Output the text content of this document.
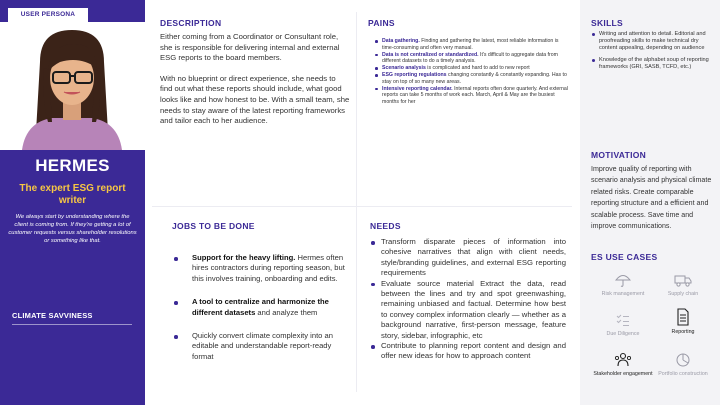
USER PERSONA
HERMES
The expert ESG report writer
We always start by understanding where the client is coming from. If they're getting a lot of customer requests versus shareholder resolutions or something like that.
CLIMATE SAVVINESS
DESCRIPTION

Either coming from a Coordinator or Consultant role, she is responsible for delivering internal and external ESG reports to the board members.

With no blueprint or direct experience, she needs to find out what these reports should include, what good looks like and how honest to be. With a small team, she needs to stay aware of the latest reporting frameworks and tailor each to her audience.

PAINS
Data gathering. Finding and gathering the latest, most reliable information is time-consuming and often very manual.
Data is not centralized or standardized. It's difficult to aggregate data from different datasets to do a timely analysis.
Scenario analysis is complicated and hard to add to new report
ESG reporting regulations changing constantly & constantly expanding. Has to stay on top of so many new areas.
Intensive reporting calendar. Internal reports often done quarterly. And external reports can take 5 months of work each. March, April & May are the busiest months for her
JOBS TO BE DONE
Support for the heavy lifting. Hermes often hires contractors during reporting season, but this involves training, onboarding and edits.
A tool to centralize and harmonize the different datasets and analyze them
Quickly convert climate complexity into an editable and understandable report-ready format
NEEDS
Transform disparate pieces of information into cohesive narratives that align with client needs, style/branding guidelines, and external ESG reporting requirements
Evaluate source material Extract the data, read between the lines and try and spot greenwashing, remaining unbiased and factual. Determine how best to convey complex information clearly — whether as a background narrative, first-person message, feature story, sidebar, infographic, etc
Contribute to planning report content and design and offer new ideas for how to approach content
SKILLS
Writing and attention to detail. Editorial and proofreading skills to make technical dry content appealing, depending on audience
Knowledge of the alphabet soup of reporting frameworks (GRI, SASB, TCFD, etc.)
MOTIVATION

Improve quality of reporting with scenario analysis and physical climate related risks. Create comparable reporting structure and a efficient and scalable process. Save time and improve communications.

ES USE CASES
Risk management	Supply chain
Due Diligence	Reporting
Stakeholder engagement	Portfolio construction
